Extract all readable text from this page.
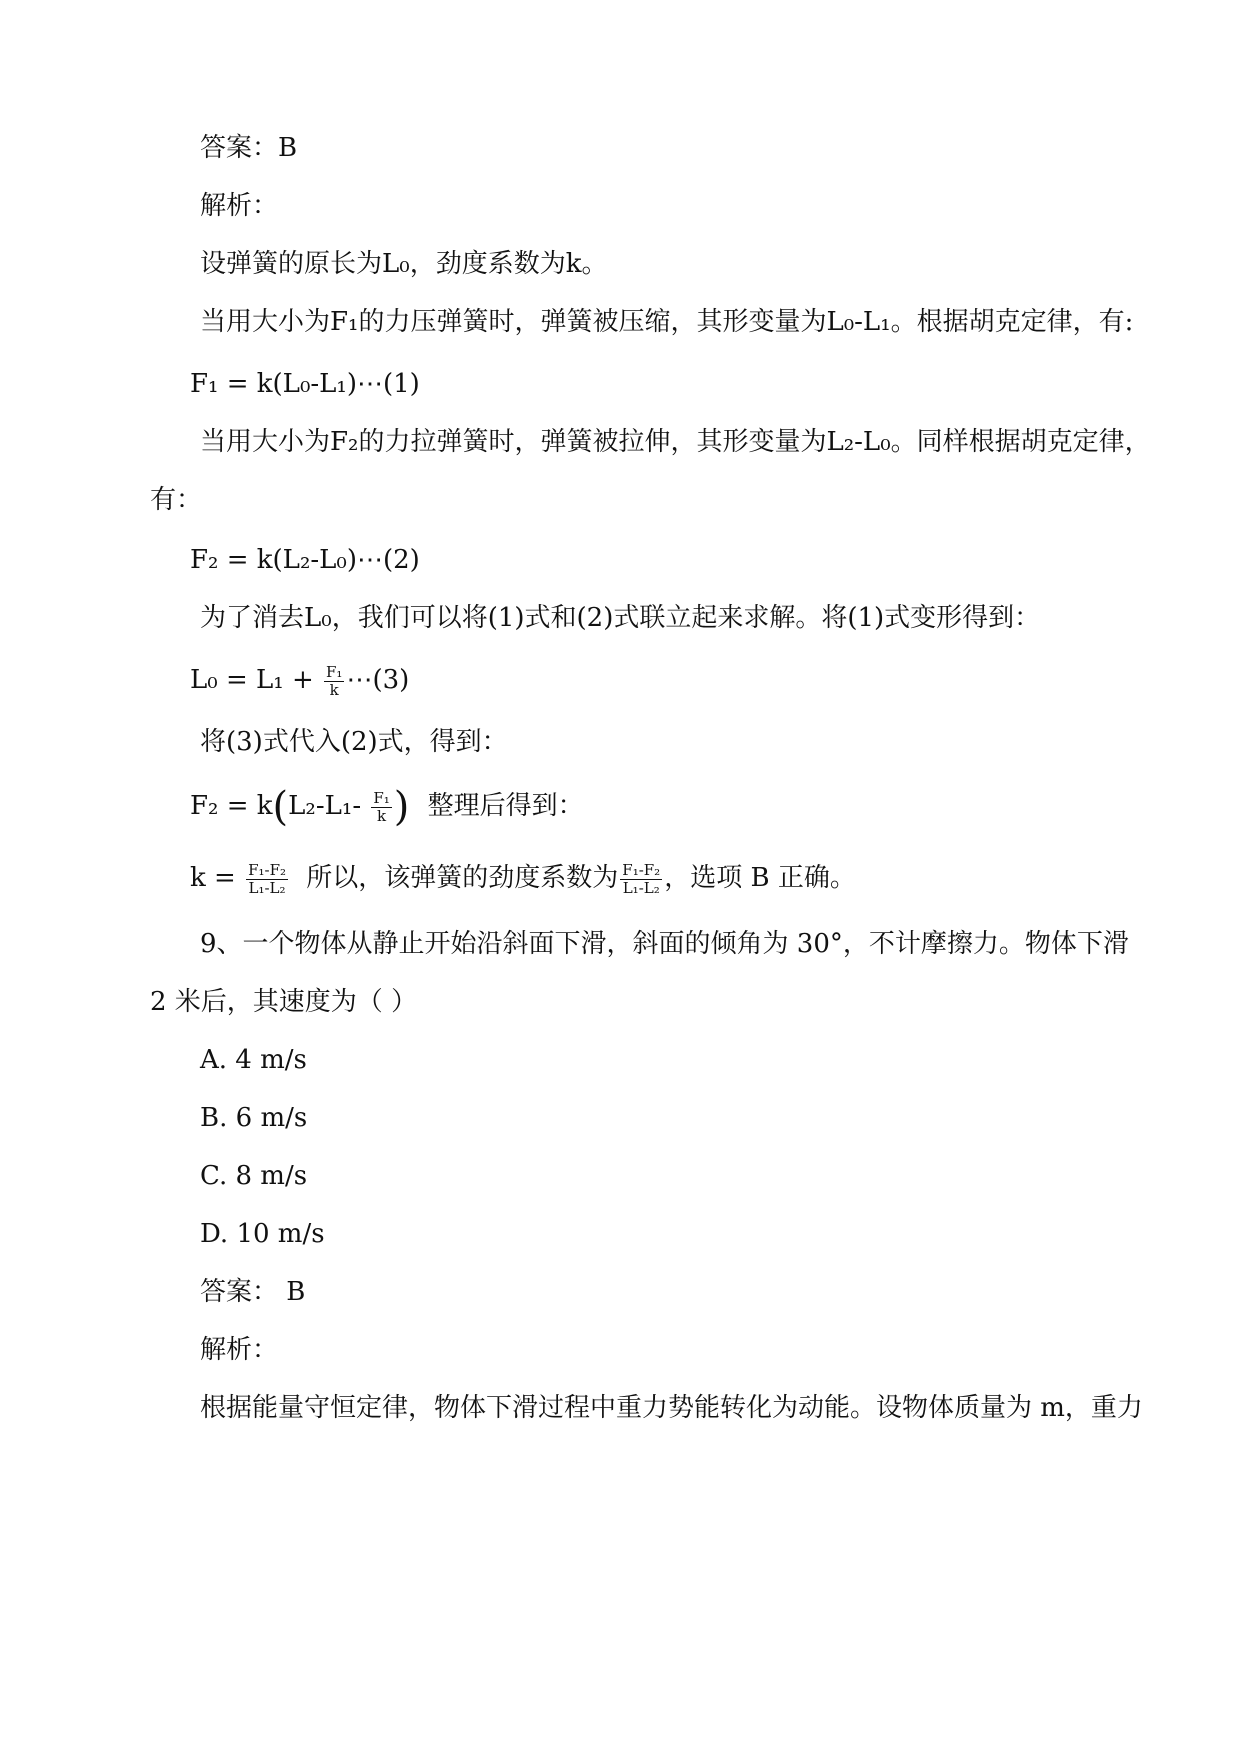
答案：B
解析：
设弹簧的原长为L₀，劲度系数为k。
当用大小为F₁的力压弹簧时，弹簧被压缩，其形变量为L₀-L₁。根据胡克定律，有:
F₁ = k(L₀-L₁)⋯(1)
当用大小为F₂的力拉弹簧时，弹簧被拉伸，其形变量为L₂-L₀。同样根据胡克定律，
有：
F₂ = k(L₂-L₀)⋯(2)
为了消去L₀，我们可以将(1)式和(2)式联立起来求解。将(1)式变形得到：
$L_0 = L_1 + \frac{\text{F₁}}{k}$ ⋯(3)
将(3)式代入(2)式，得到：
$F_2 = k(L_2-L_1- \frac{\text{F₁}}{k}$ ) 整理后得到：
$k = \frac{\text{F₁-F₂}}{\text{L₁-L₂}}$ 所以，该弹簧的劲度系数为 $\frac{\text{F₁-F₂}}{\text{L₁-L₂}}$ ，选项 B 正确。
9、一个物体从静止开始沿斜面下滑，斜面的倾角为 30°，不计摩擦力。物体下滑
2 米后，其速度为（ ）
A. 4 m/s
B. 6 m/s
C. 8 m/s
D. 10 m/s
答案： B
解析：
根据能量守恒定律，物体下滑过程中重力势能转化为动能。设物体质量为 m，重力
